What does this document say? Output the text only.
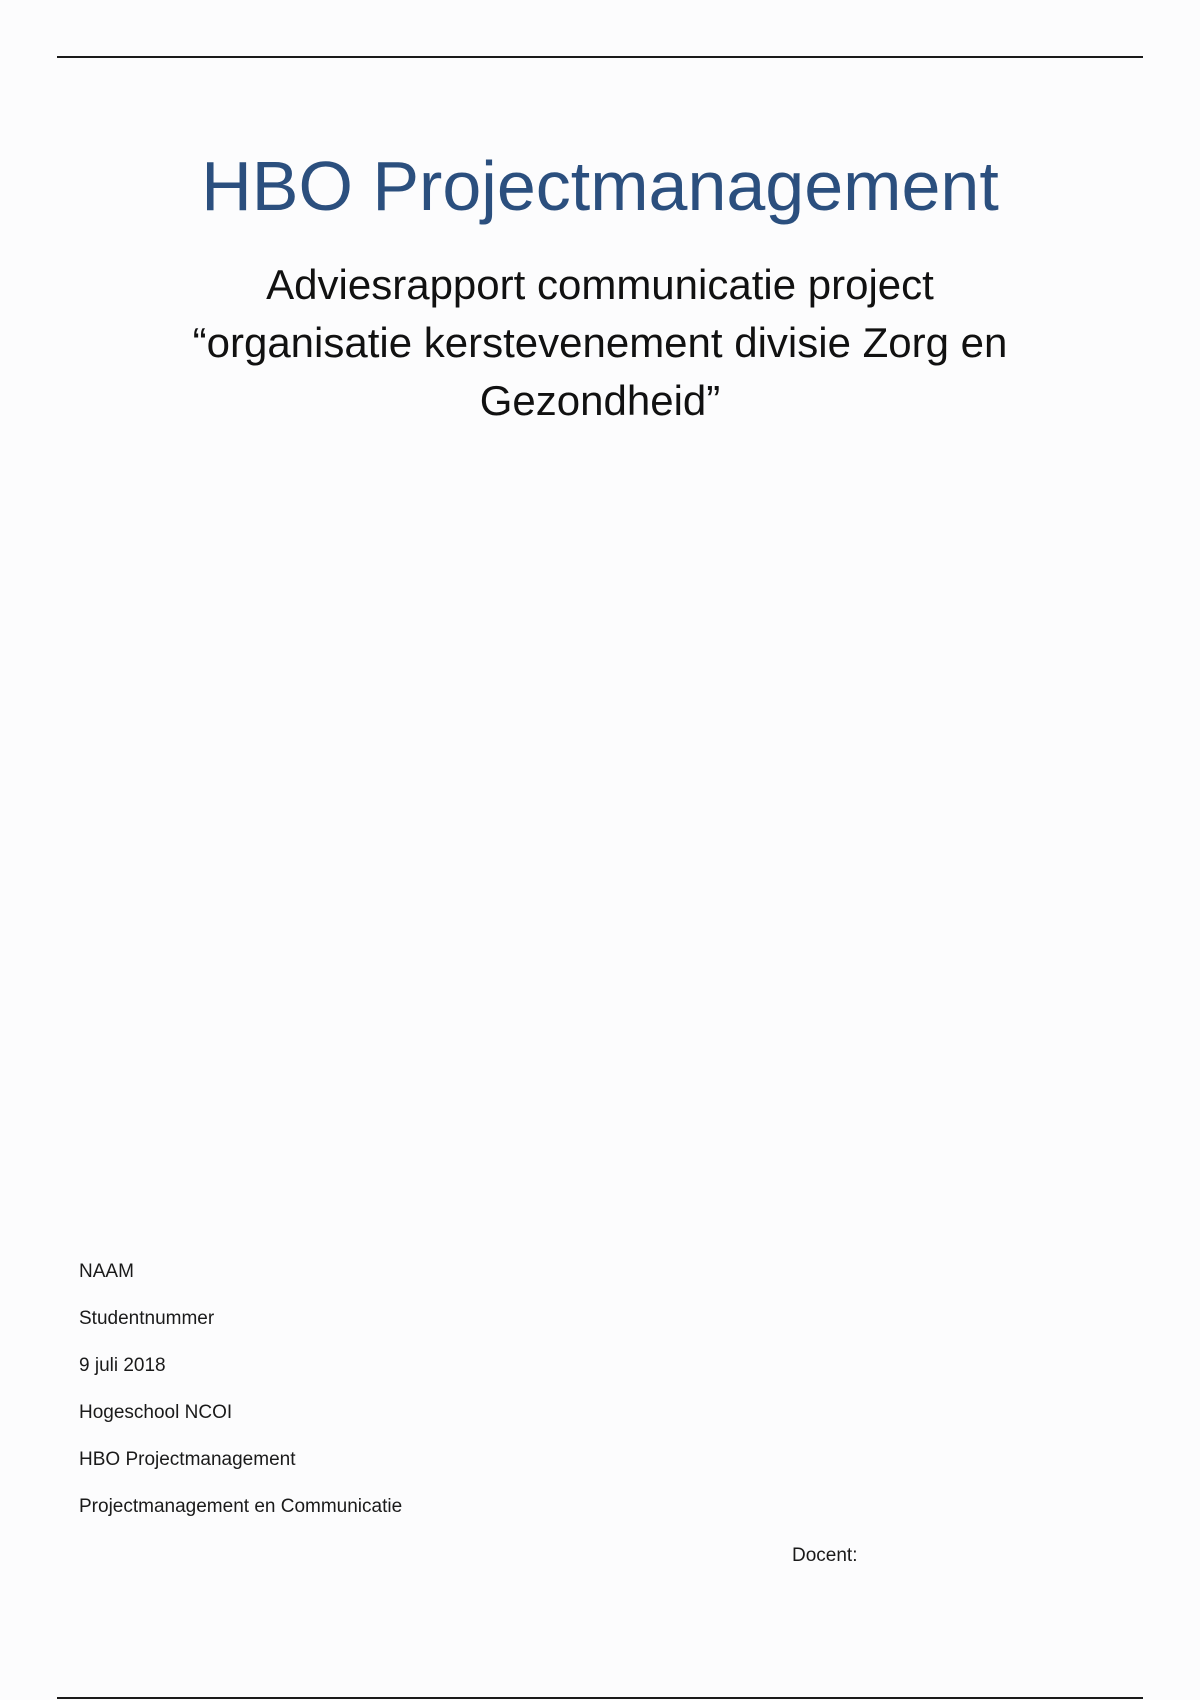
HBO Projectmanagement
Adviesrapport communicatie project
“organisatie kerstevenement divisie Zorg en
Gezondheid”
NAAM
Studentnummer
9 juli 2018
Hogeschool NCOI
HBO Projectmanagement
Projectmanagement en Communicatie
Docent:
